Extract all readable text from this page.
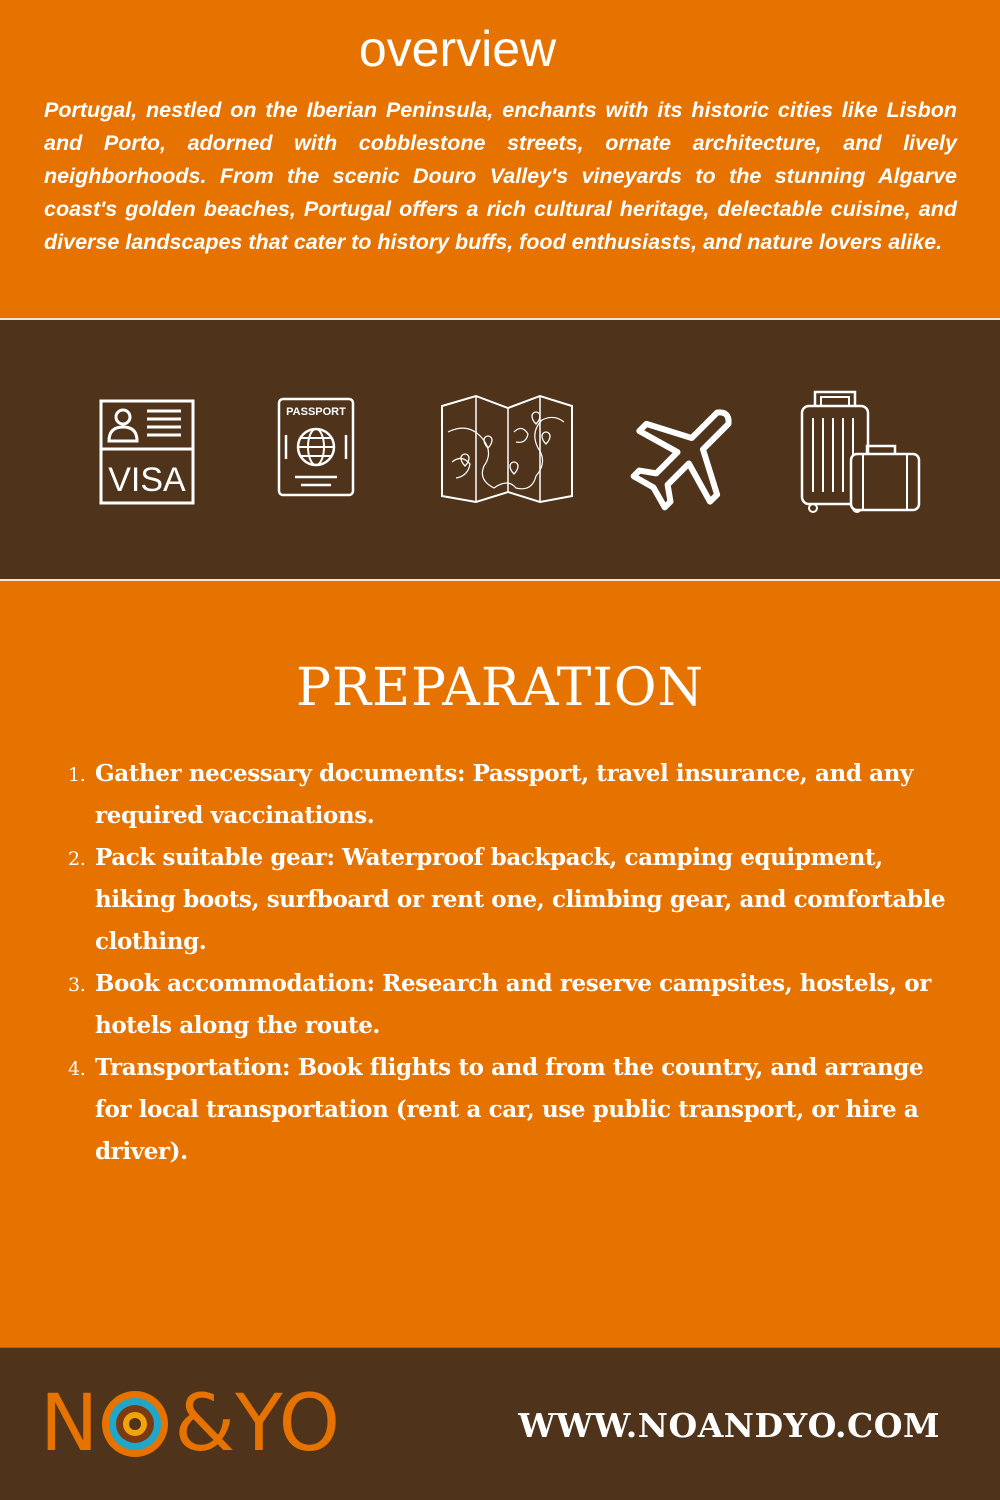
overview

Portugal, nestled on the Iberian Peninsula, enchants with its historic cities like Lisbon and Porto, adorned with cobblestone streets, ornate architecture, and lively neighborhoods. From the scenic Douro Valley's vineyards to the stunning Algarve coast's golden beaches, Portugal offers a rich cultural heritage, delectable cuisine, and diverse landscapes that cater to history buffs, food enthusiasts, and nature lovers alike.

VISA
PASSPORT
PREPARATION
1. Gather necessary documents: Passport, travel insurance, and any required vaccinations.
2. Pack suitable gear: Waterproof backpack, camping equipment, hiking boots, surfboard or rent one, climbing gear, and comfortable clothing.
3. Book accommodation: Research and reserve campsites, hostels, or hotels along the route.
4. Transportation: Book flights to and from the country, and arrange for local transportation (rent a car, use public transport, or hire a driver).
N &YO	WWW.NOANDYO.COM
